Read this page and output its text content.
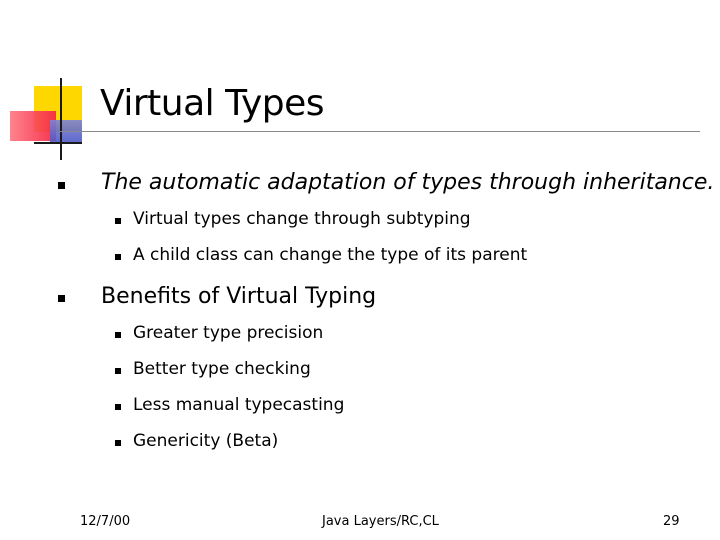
Virtual Types
The automatic adaptation of types through inheritance.
Virtual types change through subtyping
A child class can change the type of its parent
Benefits of Virtual Typing
Greater type precision
Better type checking
Less manual typecasting
Genericity (Beta)
12/7/00	Java Layers/RC,CL	29
